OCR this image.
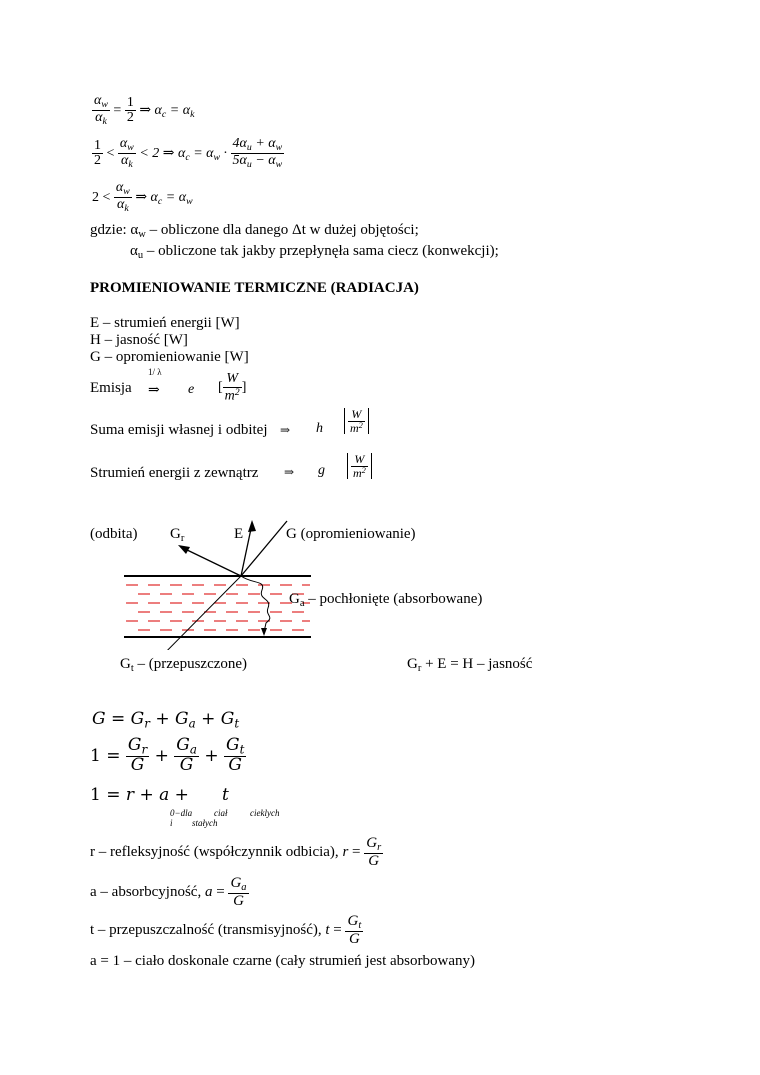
$\frac{\alpha_w}{\alpha_k} = \frac{1}{2}$ ⇒ $\alpha_c = \alpha_k$
$\frac{1}{2} < \frac{\alpha_w}{\alpha_k} < 2$ ⇒ $\alpha_c = \alpha_w \cdot \frac{4\alpha_u + \alpha_w}{5\alpha_u - \alpha_w}$
$2 < \frac{\alpha_w}{\alpha_k}$ ⇒ $\alpha_c = \alpha_w$
gdzie: $\alpha_w$ – obliczone dla danego Δt w dużej objętości;
$\alpha_u$ – obliczone tak jakby przepłynęła sama ciecz (konwekcji);
PROMIENIOWANIE TERMICZNE (RADIACJA)
E – strumień energii [W]
H – jasność [W]
G – opromieniowanie [W]
Emisja
1/ λ
⇒ e [ $\frac{W}{m^2}$ ]
Suma emisji własnej i odbitej ⇒ h $\frac{W}{m^2}$
Strumień energii z zewnątrz ⇒ g $\frac{W}{m^2}$
(odbita) $G_r$	E	G (opromieniowanie)
$G_a$ – pochłonięte (absorbowane)
$G_t$ – (przepuszczone)	$G_r + E = H$ – jasność
$G = G_r + G_a + G_t$
$1 = \frac{G_r}{G} + \frac{G_a}{G} + \frac{G_t}{G}$
1 = r + a + t
0−dla
i
ciał
stałych
cieklych
r – refleksyjność (współczynnik odbicia),
r
=
$\frac{G_r}{G}$
a – absorbcyjność,
a
=
$\frac{G_a}{G}$
t – przepuszczalność (transmisyjność),
t
=
$\frac{G_t}{G}$
a = 1 – ciało doskonale czarne (cały strumień jest absorbowany)
